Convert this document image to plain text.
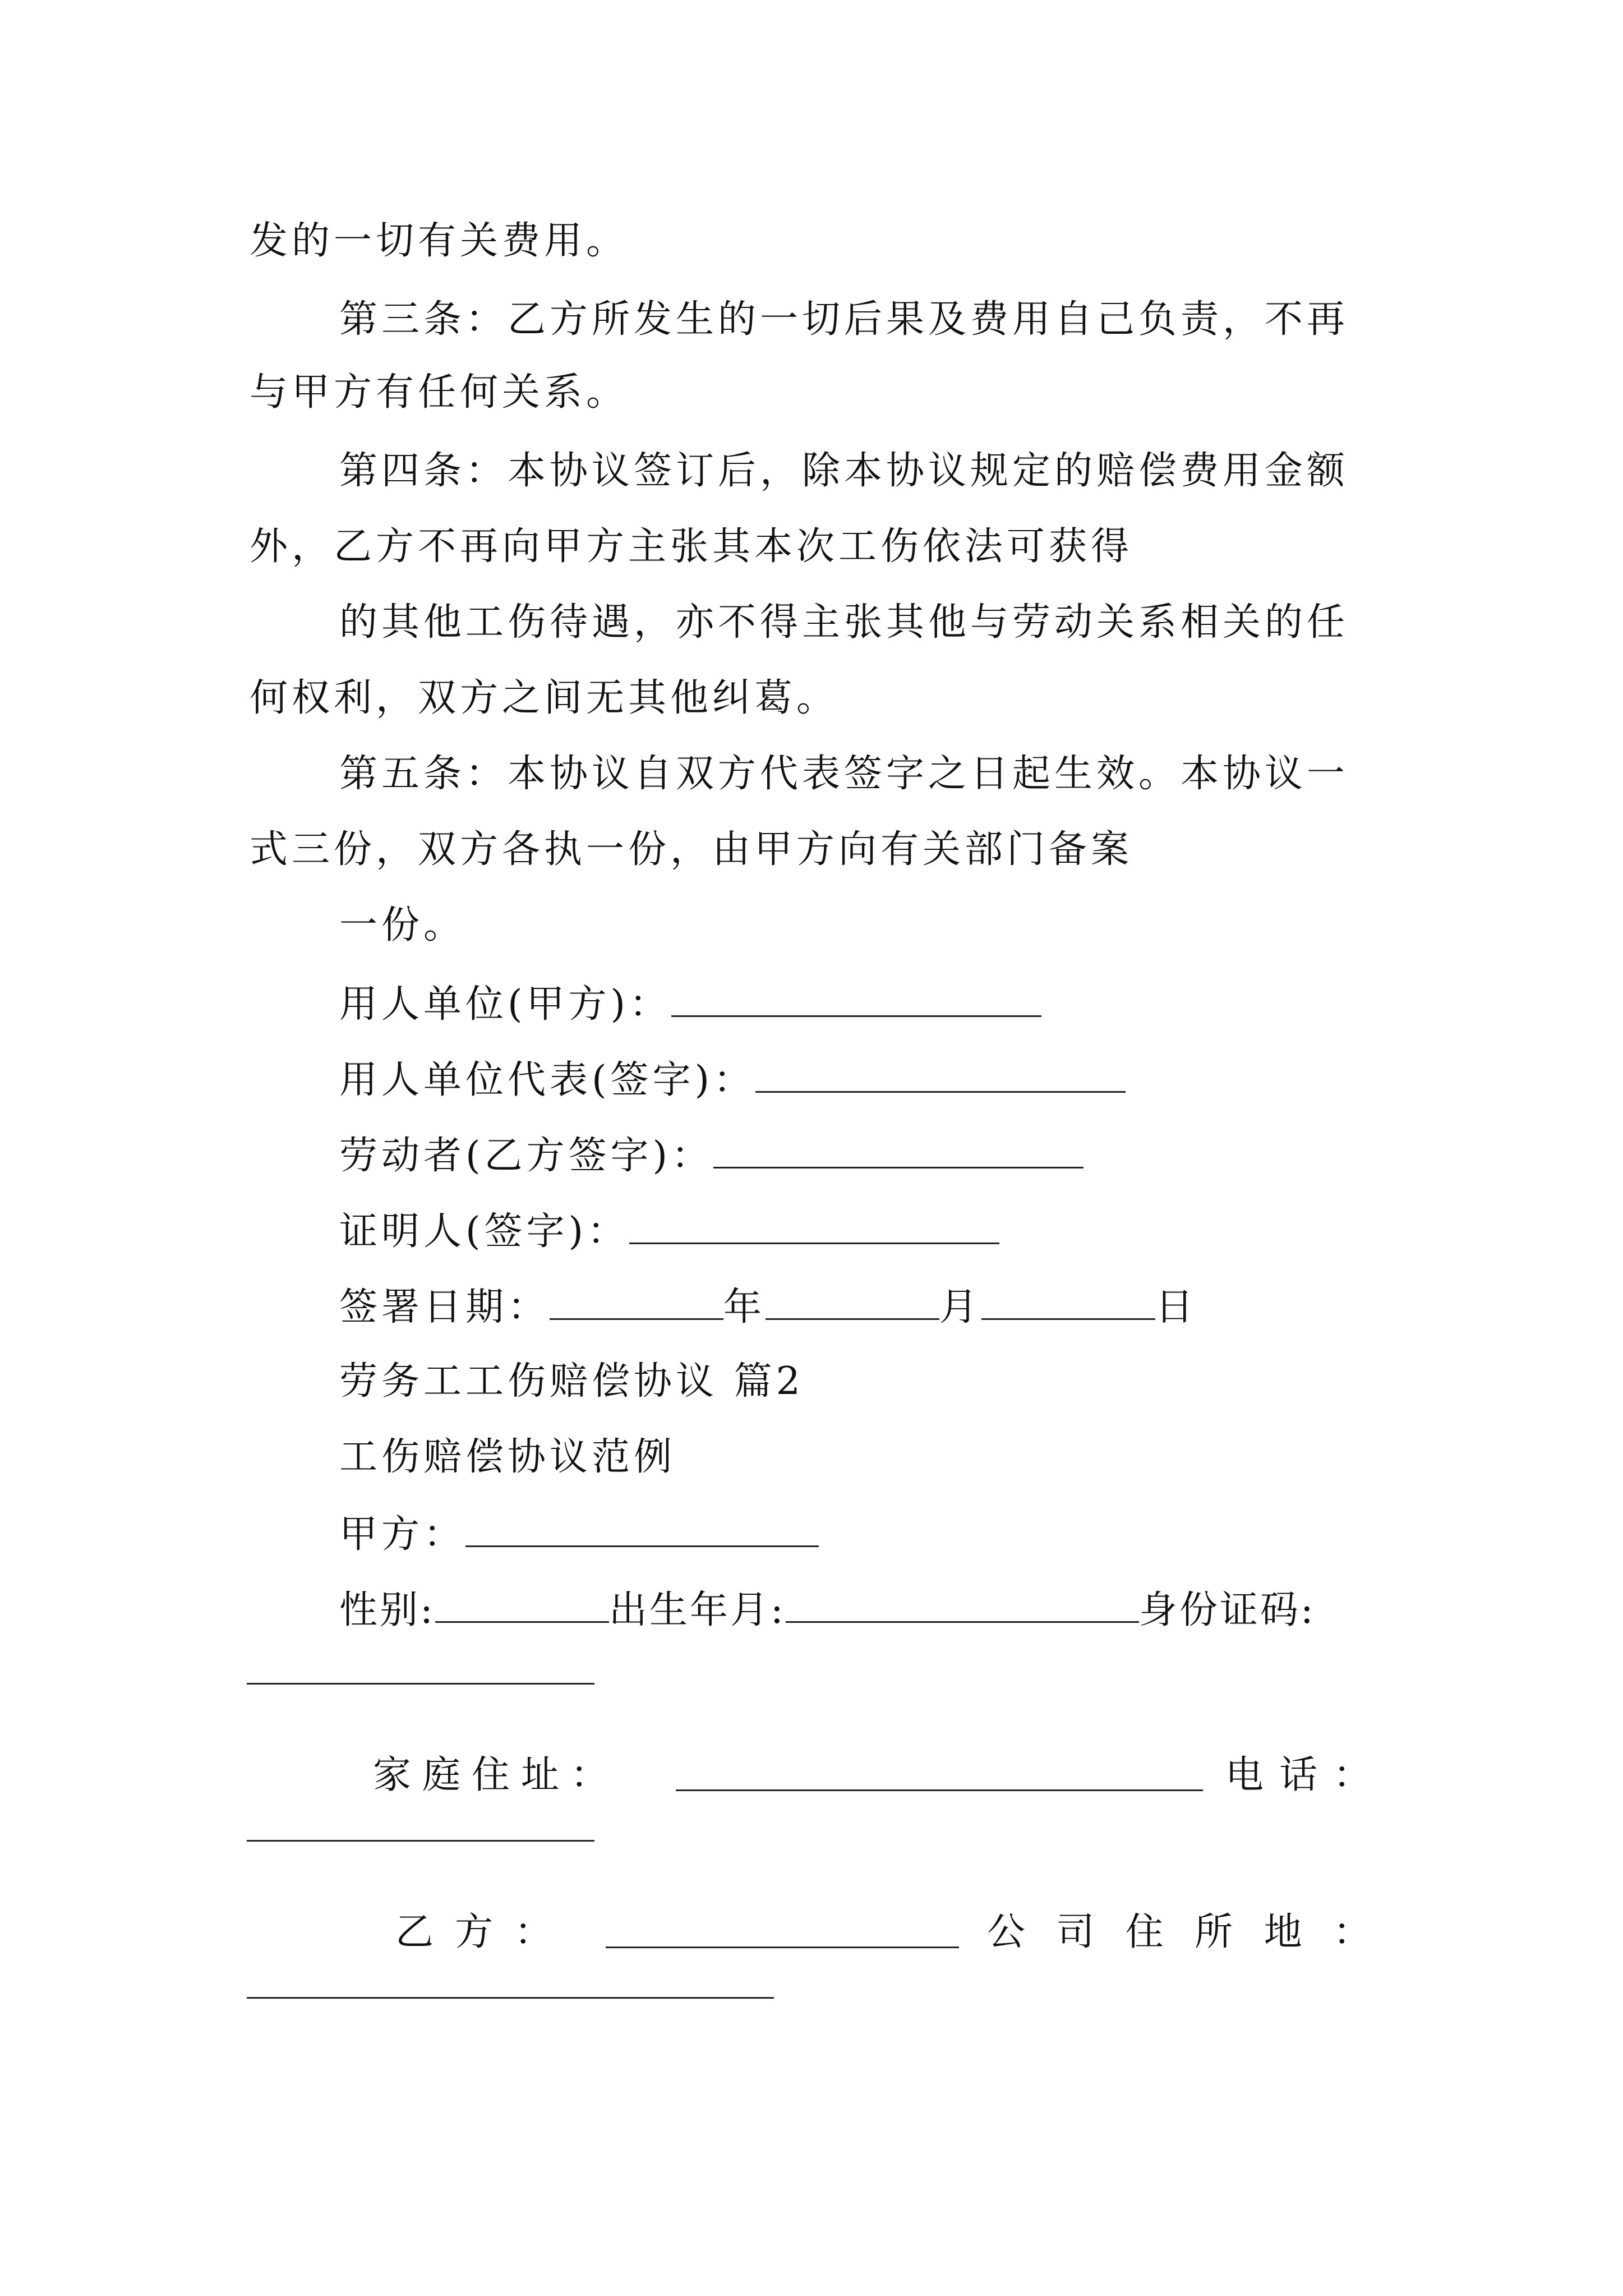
发的一切有关费用。
第三条：乙方所发生的一切后果及费用自己负责，不再
与甲方有任何关系。
第四条：本协议签订后，除本协议规定的赔偿费用金额
外，乙方不再向甲方主张其本次工伤依法可获得
的其他工伤待遇，亦不得主张其他与劳动关系相关的任
何权利，双方之间无其他纠葛。
第五条：本协议自双方代表签字之日起生效。本协议一
式三份，双方各执一份，由甲方向有关部门备案
一份。
用人单位(甲方)：
用人单位代表(签字)：
劳动者(乙方签字)：
证明人(签字)：
签署日期：	年	月	日
劳务工工伤赔偿协议 篇2
工伤赔偿协议范例
甲方：
性别:	出生年月:	身份证码:
家 庭 住 址 ：	电 话 ：
乙 方 ：	公 司 住 所 地 ：
